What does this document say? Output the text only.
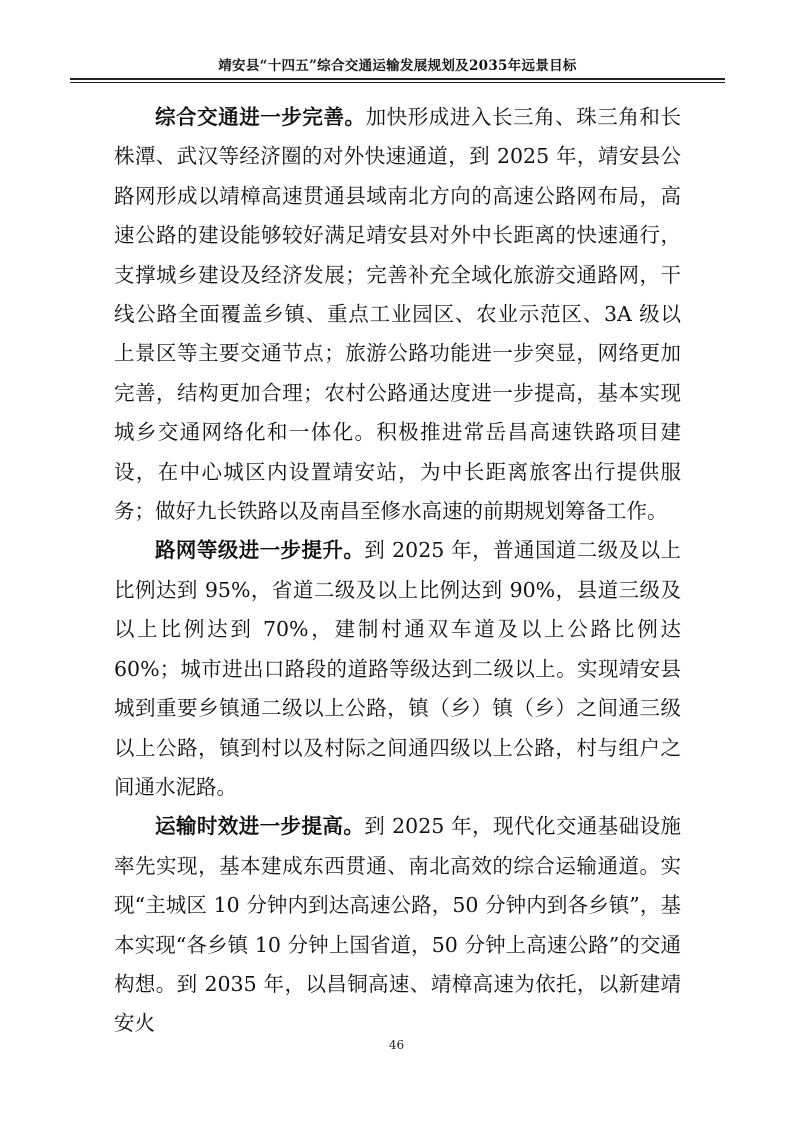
靖安县“十四五”综合交通运输发展规划及2035年远景目标

综合交通进一步完善。加快形成进入长三角、珠三角和长株潭、武汉等经济圈的对外快速通道，到 2025 年，靖安县公路网形成以靖樟高速贯通县域南北方向的高速公路网布局，高速公路的建设能够较好满足靖安县对外中长距离的快速通行，支撑城乡建设及经济发展；完善补充全域化旅游交通路网，干线公路全面覆盖乡镇、重点工业园区、农业示范区、3A 级以上景区等主要交通节点；旅游公路功能进一步突显，网络更加完善，结构更加合理；农村公路通达度进一步提高，基本实现城乡交通网络化和一体化。积极推进常岳昌高速铁路项目建设，在中心城区内设置靖安站，为中长距离旅客出行提供服务；做好九长铁路以及南昌至修水高速的前期规划筹备工作。

路网等级进一步提升。到 2025 年，普通国道二级及以上比例达到 95%，省道二级及以上比例达到 90%，县道三级及以上比例达到 70%，建制村通双车道及以上公路比例达 60%；城市进出口路段的道路等级达到二级以上。实现靖安县城到重要乡镇通二级以上公路，镇（乡）镇（乡）之间通三级以上公路，镇到村以及村际之间通四级以上公路，村与组户之间通水泥路。

运输时效进一步提高。到 2025 年，现代化交通基础设施率先实现，基本建成东西贯通、南北高效的综合运输通道。实现“主城区 10 分钟内到达高速公路，50 分钟内到各乡镇”，基本实现“各乡镇 10 分钟上国省道，50 分钟上高速公路”的交通构想。到 2035 年，以昌铜高速、靖樟高速为依托，以新建靖安火

46
